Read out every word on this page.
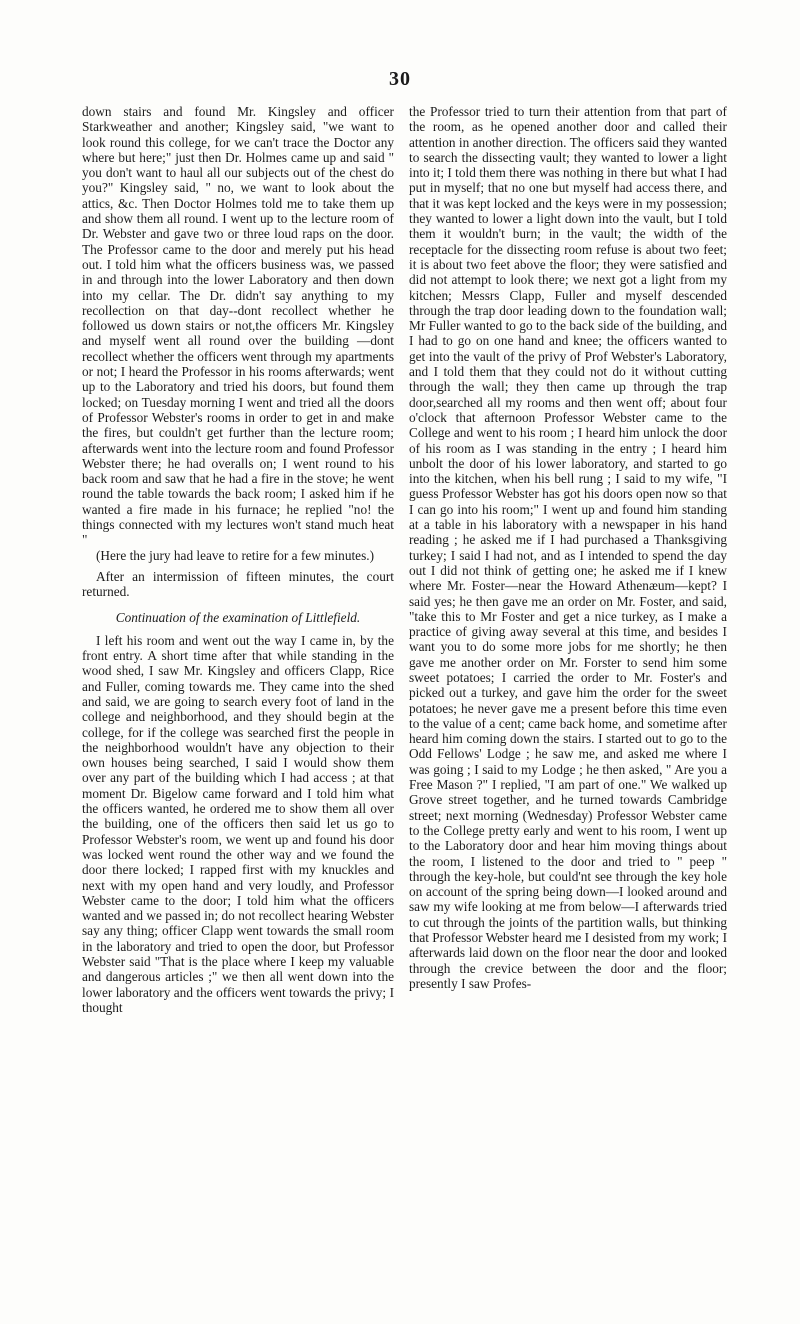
30

down stairs and found Mr. Kingsley and officer Starkweather and another; Kingsley said, "we want to look round this college, for we can't trace the Doctor any where but here;" just then Dr. Holmes came up and said " you don't want to haul all our subjects out of the chest do you?" Kingsley said, " no, we want to look about the attics, &c. Then Doctor Holmes told me to take them up and show them all round. I went up to the lecture room of Dr. Webster and gave two or three loud raps on the door. The Professor came to the door and merely put his head out. I told him what the officers business was, we passed in and through into the lower Laboratory and then down into my cellar. The Dr. didn't say anything to my recollection on that day--dont recollect whether he followed us down stairs or not,the officers Mr. Kingsley and myself went all round over the building —dont recollect whether the officers went through my apartments or not; I heard the Professor in his rooms afterwards; went up to the Laboratory and tried his doors, but found them locked; on Tuesday morning I went and tried all the doors of Professor Webster's rooms in order to get in and make the fires, but couldn't get further than the lecture room; afterwards went into the lecture room and found Professor Webster there; he had overalls on; I went round to his back room and saw that he had a fire in the stove; he went round the table towards the back room; I asked him if he wanted a fire made in his furnace; he replied "no! the things connected with my lectures won't stand much heat "

(Here the jury had leave to retire for a few minutes.)

After an intermission of fifteen minutes, the court returned.

Continuation of the examination of Littlefield.

I left his room and went out the way I came in, by the front entry. A short time after that while standing in the wood shed, I saw Mr. Kingsley and officers Clapp, Rice and Fuller, coming towards me. They came into the shed and said, we are going to search every foot of land in the college and neighborhood, and they should begin at the college, for if the college was searched first the people in the neighborhood wouldn't have any objection to their own houses being searched, I said I would show them over any part of the building which I had access ; at that moment Dr. Bigelow came forward and I told him what the officers wanted, he ordered me to show them all over the building, one of the officers then said let us go to Professor Webster's room, we went up and found his door was locked went round the other way and we found the door there locked; I rapped first with my knuckles and next with my open hand and very loudly, and Professor Webster came to the door; I told him what the officers wanted and we passed in; do not recollect hearing Webster say any thing; officer Clapp went towards the small room in the laboratory and tried to open the door, but Professor Webster said "That is the place where I keep my valuable and dangerous articles ;" we then all went down into the lower laboratory and the officers went towards the privy; I thought

the Professor tried to turn their attention from that part of the room, as he opened another door and called their attention in another direction. The officers said they wanted to search the dissecting vault; they wanted to lower a light into it; I told them there was nothing in there but what I had put in myself; that no one but myself had access there, and that it was kept locked and the keys were in my possession; they wanted to lower a light down into the vault, but I told them it wouldn't burn; in the vault; the width of the receptacle for the dissecting room refuse is about two feet; it is about two feet above the floor; they were satisfied and did not attempt to look there; we next got a light from my kitchen; Messrs Clapp, Fuller and myself descended through the trap door leading down to the foundation wall; Mr Fuller wanted to go to the back side of the building, and I had to go on one hand and knee; the officers wanted to get into the vault of the privy of Prof Webster's Laboratory, and I told them that they could not do it without cutting through the wall; they then came up through the trap door,searched all my rooms and then went off; about four o'clock that afternoon Professor Webster came to the College and went to his room ; I heard him unlock the door of his room as I was standing in the entry ; I heard him unbolt the door of his lower laboratory, and started to go into the kitchen, when his bell rung ; I said to my wife, "I guess Professor Webster has got his doors open now so that I can go into his room;" I went up and found him standing at a table in his laboratory with a newspaper in his hand reading ; he asked me if I had purchased a Thanksgiving turkey; I said I had not, and as I intended to spend the day out I did not think of getting one; he asked me if I knew where Mr. Foster—near the Howard Athenæum—kept? I said yes; he then gave me an order on Mr. Foster, and said, "take this to Mr Foster and get a nice turkey, as I make a practice of giving away several at this time, and besides I want you to do some more jobs for me shortly; he then gave me another order on Mr. Forster to send him some sweet potatoes; I carried the order to Mr. Foster's and picked out a turkey, and gave him the order for the sweet potatoes; he never gave me a present before this time even to the value of a cent; came back home, and sometime after heard him coming down the stairs. I started out to go to the Odd Fellows' Lodge ; he saw me, and asked me where I was going ; I said to my Lodge ; he then asked, " Are you a Free Mason ?" I replied, "I am part of one." We walked up Grove street together, and he turned towards Cambridge street; next morning (Wednesday) Professor Webster came to the College pretty early and went to his room, I went up to the Laboratory door and hear him moving things about the room, I listened to the door and tried to " peep " through the key-hole, but could'nt see through the key hole on account of the spring being down—I looked around and saw my wife looking at me from below—I afterwards tried to cut through the joints of the partition walls, but thinking that Professor Webster heard me I desisted from my work; I afterwards laid down on the floor near the door and looked through the crevice between the door and the floor; presently I saw Profes-
